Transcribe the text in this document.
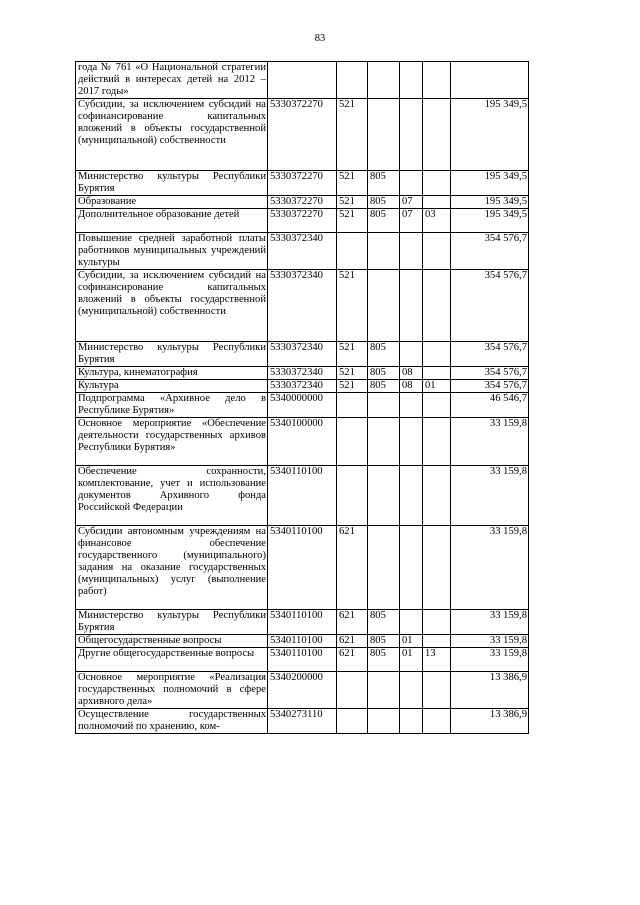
83
года № 761 «О Национальной стратегии действий в интересах детей на 2012 – 2017 годы»						
Субсидии, за исключением субсидий на софинансирование капитальных вложений в объекты государственной (муниципальной) собственности	5330372270	521				195 349,5
Министерство культуры Республики Бурятия	5330372270	521	805			195 349,5
Образование	5330372270	521	805	07		195 349,5
Дополнительное образование детей	5330372270	521	805	07	03	195 349,5
Повышение средней заработной платы работников муниципальных учреждений культуры	5330372340					354 576,7
Субсидии, за исключением субсидий на софинансирование капитальных вложений в объекты государственной (муниципальной) собственности	5330372340	521				354 576,7
Министерство культуры Республики Бурятия	5330372340	521	805			354 576,7
Культура, кинематография	5330372340	521	805	08		354 576,7
Культура	5330372340	521	805	08	01	354 576,7
Подпрограмма «Архивное дело в Республике Бурятия»	5340000000					46 546,7
Основное мероприятие «Обеспечение деятельности государственных архивов Республики Бурятия»	5340100000					33 159,8
Обеспечение сохранности, комплектование, учет и использование документов Архивного фонда Российской Федерации	5340110100					33 159,8
Субсидии автономным учреждениям на финансовое обеспечение государственного (муниципального) задания на оказание государственных (муниципальных) услуг (выполнение работ)	5340110100	621				33 159,8
Министерство культуры Республики Бурятия	5340110100	621	805			33 159,8
Общегосударственные вопросы	5340110100	621	805	01		33 159,8
Другие общегосударственные вопросы	5340110100	621	805	01	13	33 159,8
Основное мероприятие «Реализация государственных полномочий в сфере архивного дела»	5340200000					13 386,9
Осуществление государственных полномочий по хранению, ком-	5340273110					13 386,9
